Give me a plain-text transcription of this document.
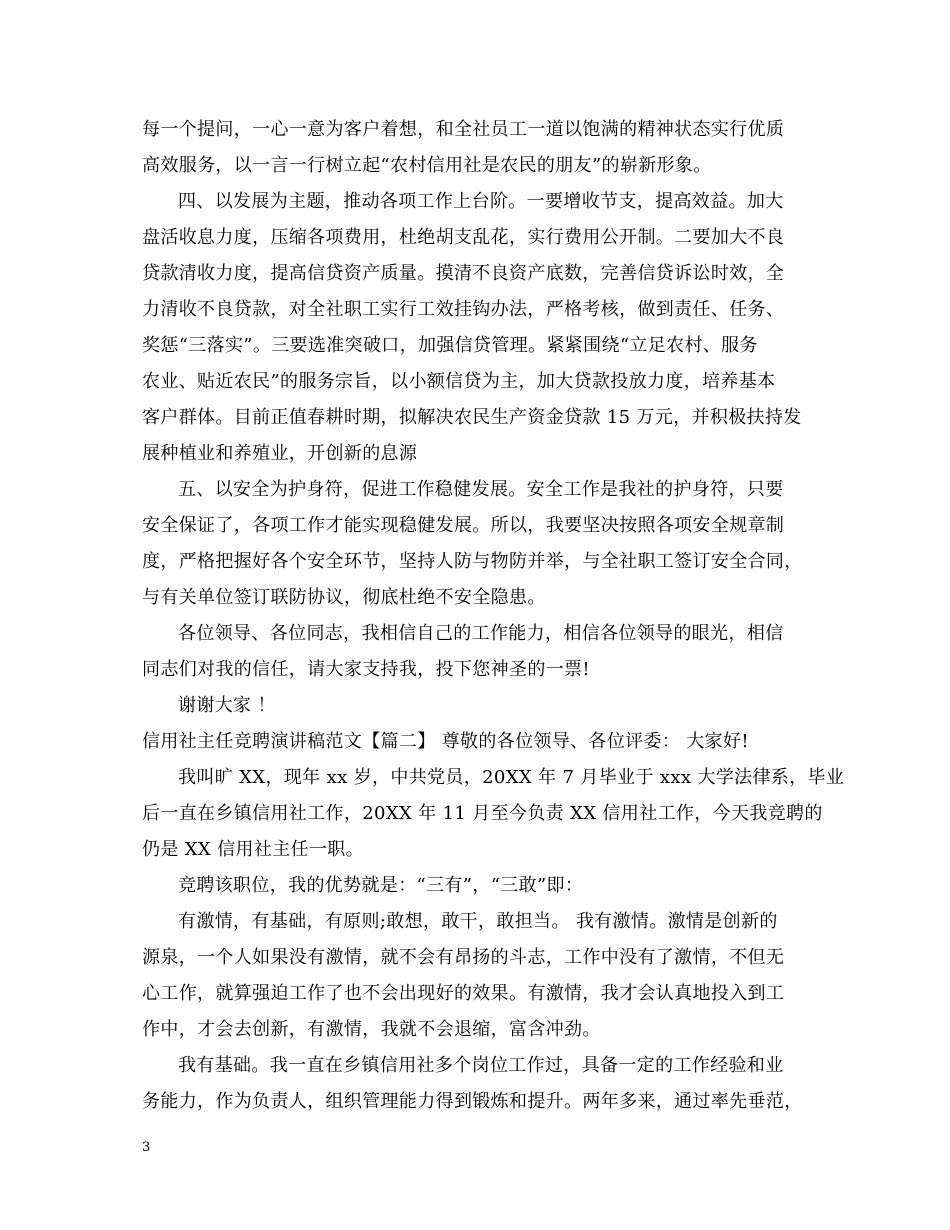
每一个提问，一心一意为客户着想，和全社员工一道以饱满的精神状态实行优质
高效服务，以一言一行树立起“农村信用社是农民的朋友”的崭新形象。
四、以发展为主题，推动各项工作上台阶。一要增收节支，提高效益。加大
盘活收息力度，压缩各项费用，杜绝胡支乱花，实行费用公开制。二要加大不良
贷款清收力度，提高信贷资产质量。摸清不良资产底数，完善信贷诉讼时效，全
力清收不良贷款，对全社职工实行工效挂钩办法，严格考核，做到责任、任务、
奖惩“三落实”。三要选准突破口，加强信贷管理。紧紧围绕“立足农村、服务
农业、贴近农民”的服务宗旨，以小额信贷为主，加大贷款投放力度，培养基本
客户群体。目前正值春耕时期，拟解决农民生产资金贷款 15 万元，并积极扶持发
展种植业和养殖业，开创新的息源
五、以安全为护身符，促进工作稳健发展。安全工作是我社的护身符，只要
安全保证了，各项工作才能实现稳健发展。所以，我要坚决按照各项安全规章制
度，严格把握好各个安全环节，坚持人防与物防并举，与全社职工签订安全合同，
与有关单位签订联防协议，彻底杜绝不安全隐患。
各位领导、各位同志，我相信自己的工作能力，相信各位领导的眼光，相信
同志们对我的信任，请大家支持我，投下您神圣的一票!
谢谢大家 ！
信用社主任竞聘演讲稿范文【篇二】 尊敬的各位领导、各位评委： 大家好!
我叫旷 XX，现年 xx 岁，中共党员，20XX 年 7 月毕业于 xxx 大学法律系，毕业
后一直在乡镇信用社工作，20XX 年 11 月至今负责 XX 信用社工作，今天我竞聘的
仍是 XX 信用社主任一职。
竞聘该职位，我的优势就是：“三有”，“三敢”即：
有激情，有基础，有原则;敢想，敢干，敢担当。 我有激情。激情是创新的
源泉，一个人如果没有激情，就不会有昂扬的斗志，工作中没有了激情，不但无
心工作，就算强迫工作了也不会出现好的效果。有激情，我才会认真地投入到工
作中，才会去创新，有激情，我就不会退缩，富含冲劲。
我有基础。我一直在乡镇信用社多个岗位工作过，具备一定的工作经验和业
务能力，作为负责人，组织管理能力得到锻炼和提升。两年多来，通过率先垂范，
3
